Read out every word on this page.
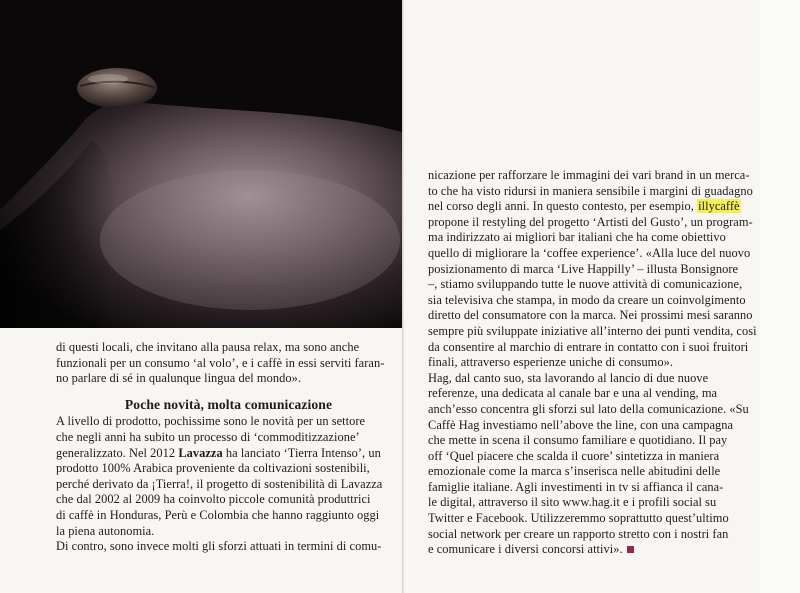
di questi locali, che invitano alla pausa relax, ma sono anche
funzionali per un consumo ‘al volo’, e i caffè in essi serviti faran-
no parlare di sé in qualunque lingua del mondo».

Poche novità, molta comunicazione

A livello di prodotto, pochissime sono le novità per un settore
che negli anni ha subito un processo di ‘commoditizzazione’
generalizzato. Nel 2012 Lavazza ha lanciato ‘Tierra Intenso’, un
prodotto 100% Arabica proveniente da coltivazioni sostenibili,
perché derivato da ¡Tierra!, il progetto di sostenibilità di Lavazza
che dal 2002 al 2009 ha coinvolto piccole comunità produttrici
di caffè in Honduras, Perù e Colombia che hanno raggiunto oggi
la piena autonomia.

Di contro, sono invece molti gli sforzi attuati in termini di comu-

nicazione per rafforzare le immagini dei vari brand in un merca-
to che ha visto ridursi in maniera sensibile i margini di guadagno
nel corso degli anni. In questo contesto, per esempio, illycaffè
propone il restyling del progetto ‘Artisti del Gusto’, un program-
ma indirizzato ai migliori bar italiani che ha come obiettivo
quello di migliorare la ‘coffee experience’. «Alla luce del nuovo
posizionamento di marca ‘Live Happilly’ – illusta Bonsignore
–, stiamo sviluppando tutte le nuove attività di comunicazione,
sia televisiva che stampa, in modo da creare un coinvolgimento
diretto del consumatore con la marca. Nei prossimi mesi saranno
sempre più sviluppate iniziative all’interno dei punti vendita, così
da consentire al marchio di entrare in contatto con i suoi fruitori
finali, attraverso esperienze uniche di consumo».

Hag, dal canto suo, sta lavorando al lancio di due nuove
referenze, una dedicata al canale bar e una al vending, ma
anch’esso concentra gli sforzi sul lato della comunicazione. «Su
Caffè Hag investiamo nell’above the line, con una campagna
che mette in scena il consumo familiare e quotidiano. Il pay
off ‘Quel piacere che scalda il cuore’ sintetizza in maniera
emozionale come la marca s’inserisca nelle abitudini delle
famiglie italiane. Agli investimenti in tv si affianca il cana-
le digital, attraverso il sito www.hag.it e i profili social su
Twitter e Facebook. Utilizzeremmo soprattutto quest’ultimo
social network per creare un rapporto stretto con i nostri fan
e comunicare i diversi concorsi attivi».
